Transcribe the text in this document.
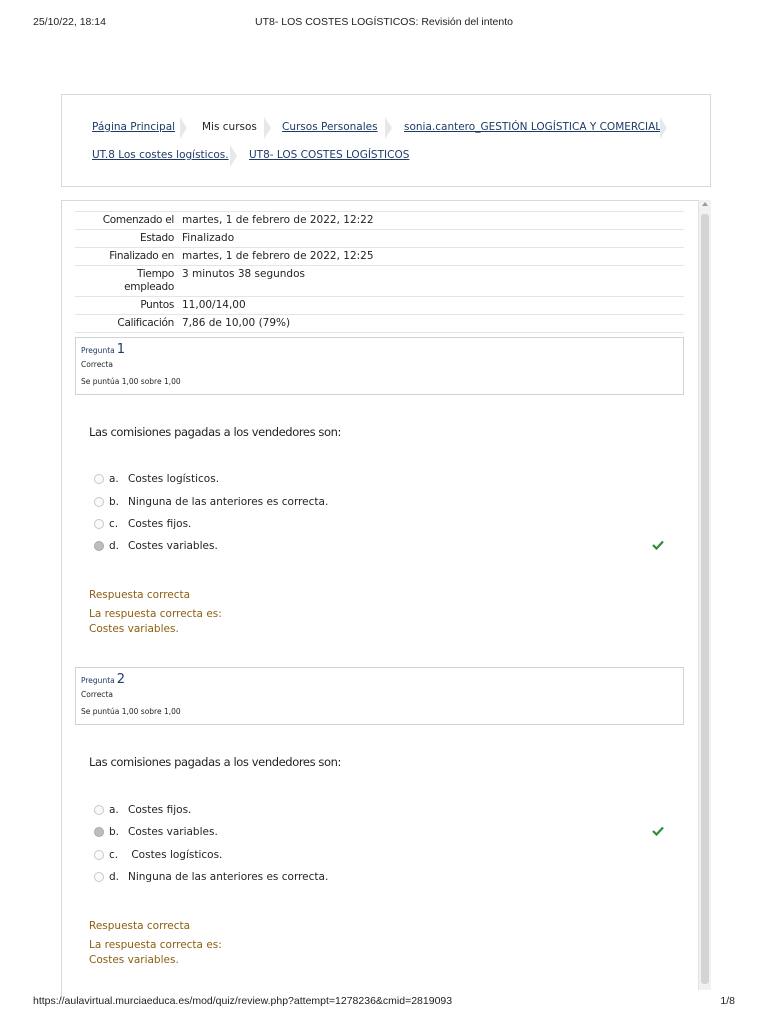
25/10/22, 18:14	UT8- LOS COSTES LOGÍSTICOS: Revisión del intento
Página Principal	Mis cursos Cursos Personales	sonia.cantero_GESTIÓN LOGÍSTICA Y COMERCIAL
UT.8 Los costes logísticos. UT8- LOS COSTES LOGÍSTICOS
Comenzado el	martes, 1 de febrero de 2022, 12:22
Estado	Finalizado
Finalizado en	martes, 1 de febrero de 2022, 12:25
Tiempo empleado	3 minutos 38 segundos
Puntos	11,00/14,00
Calificación	7,86 de 10,00 (79%)
Pregunta 1
Correcta
Se puntúa 1,00 sobre 1,00
Las comisiones pagadas a los vendedores son:
a. Costes logísticos.
b. Ninguna de las anteriores es correcta.
c. Costes fijos.
d. Costes variables.
Respuesta correcta
La respuesta correcta es:
Costes variables.
Pregunta 2
Correcta
Se puntúa 1,00 sobre 1,00
Las comisiones pagadas a los vendedores son:
a. Costes fijos.
b. Costes variables.
c. Costes logísticos.
d. Ninguna de las anteriores es correcta.
Respuesta correcta
La respuesta correcta es:
Costes variables.
https://aulavirtual.murciaeduca.es/mod/quiz/review.php?attempt=1278236&cmid=2819093	1/8
